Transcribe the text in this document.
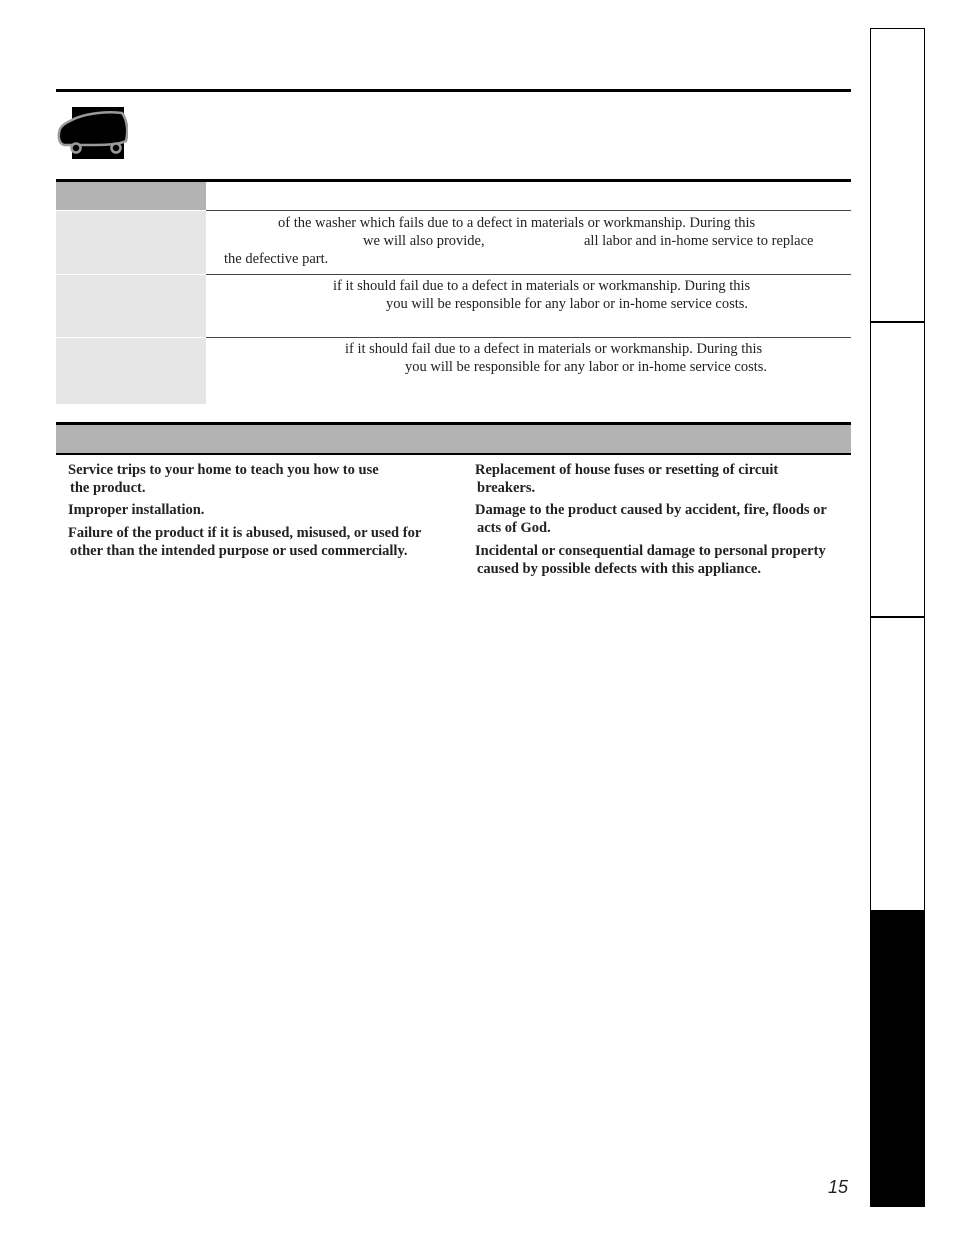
of the washer which fails due to a defect in materials or workmanship. During this
we will also provide,	all labor and in-home service to replace
the defective part.
if it should fail due to a defect in materials or workmanship. During this
you will be responsible for any labor or in-home service costs.
if it should fail due to a defect in materials or workmanship. During this
you will be responsible for any labor or in-home service costs.
Service trips to your home to teach you how to use
the product.
Improper installation.
Failure of the product if it is abused, misused, or used for
other than the intended purpose or used commercially.
Replacement of house fuses or resetting of circuit
breakers.
Damage to the product caused by accident, fire, floods or
acts of God.
Incidental or consequential damage to personal property
caused by possible defects with this appliance.
15
